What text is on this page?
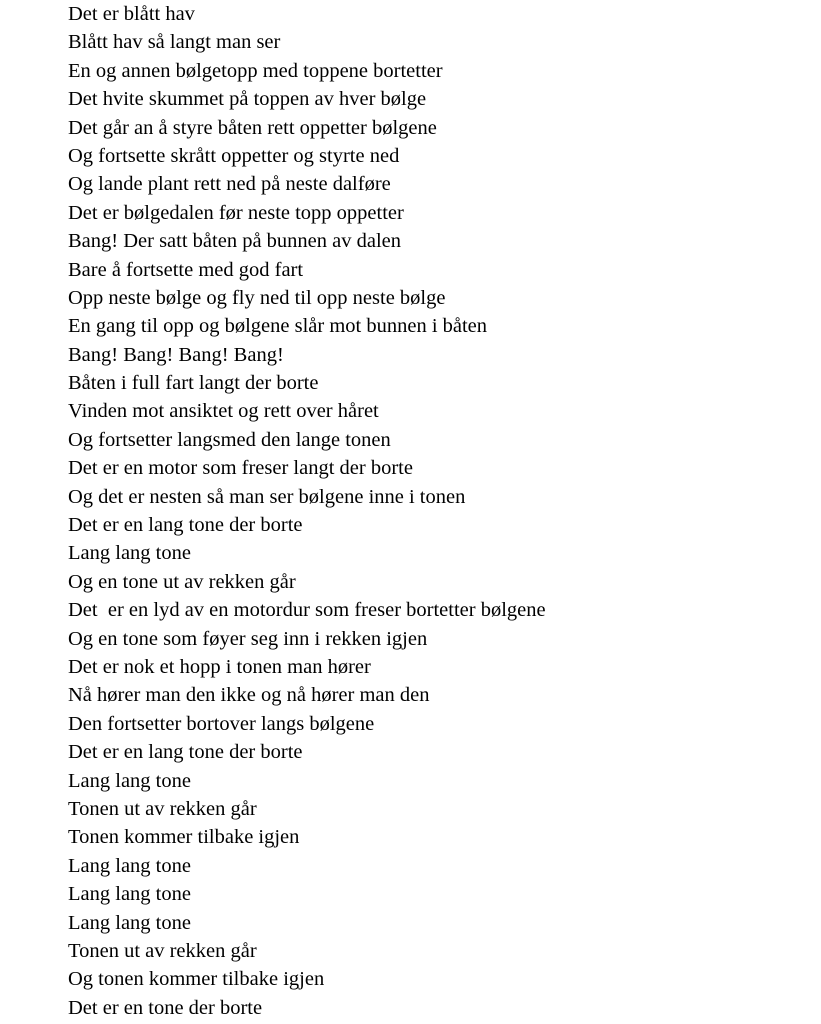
Det er blått hav
Blått hav så langt man ser
En og annen bølgetopp med toppene bortetter
Det hvite skummet på toppen av hver bølge
Det går an å styre båten rett oppetter bølgene
Og fortsette skrått oppetter og styrte ned
Og lande plant rett ned på neste dalføre
Det er bølgedalen før neste topp oppetter
Bang! Der satt båten på bunnen av dalen
Bare å fortsette med god fart
Opp neste bølge og fly ned til opp neste bølge
En gang til opp og bølgene slår mot bunnen i båten
Bang! Bang! Bang! Bang!
Båten i full fart langt der borte
Vinden mot ansiktet og rett over håret
Og fortsetter langsmed den lange tonen
Det er en motor som freser langt der borte
Og det er nesten så man ser bølgene inne i tonen
Det er en lang tone der borte
Lang lang tone
Og en tone ut av rekken går
Det  er en lyd av en motordur som freser bortetter bølgene
Og en tone som føyer seg inn i rekken igjen
Det er nok et hopp i tonen man hører
Nå hører man den ikke og nå hører man den
Den fortsetter bortover langs bølgene
Det er en lang tone der borte
Lang lang tone
Tonen ut av rekken går
Tonen kommer tilbake igjen
Lang lang tone
Lang lang tone
Lang lang tone
Tonen ut av rekken går
Og tonen kommer tilbake igjen
Det er en tone der borte
